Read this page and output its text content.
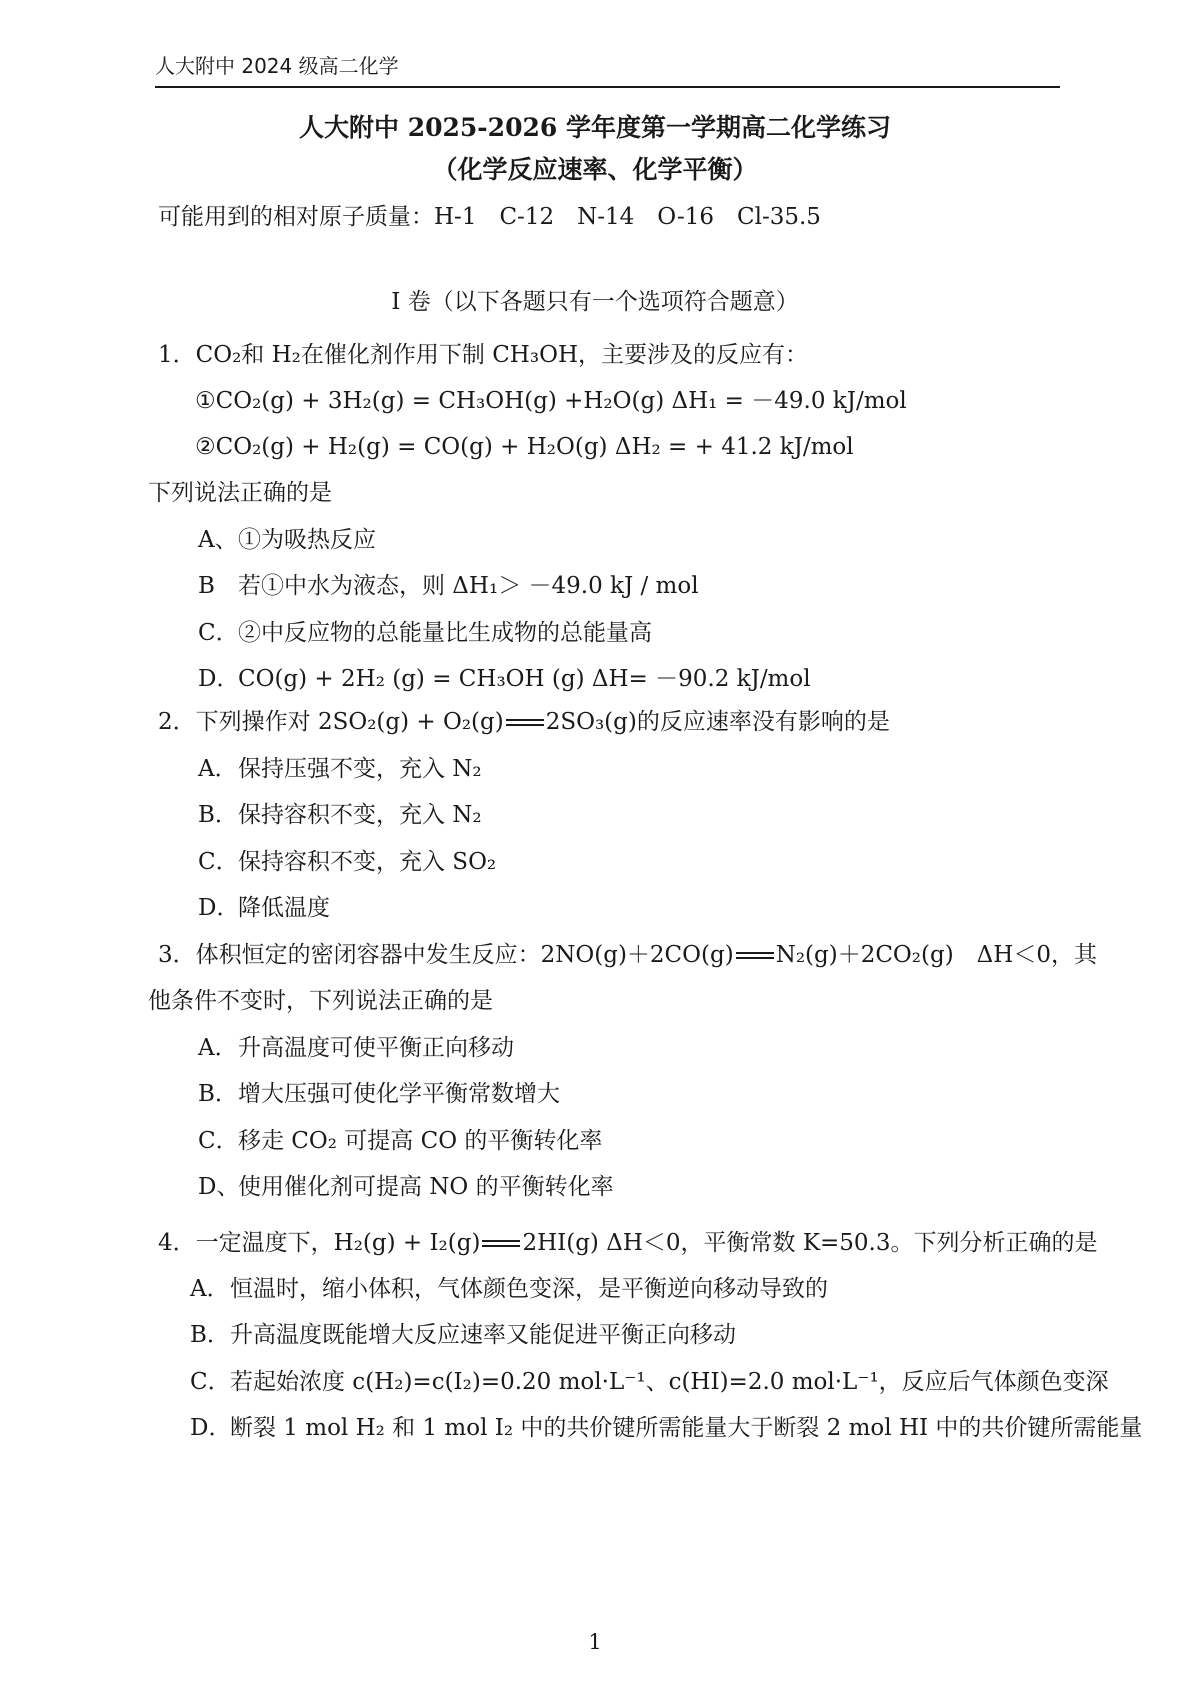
人大附中 2024 级高二化学
人大附中 2025-2026 学年度第一学期高二化学练习
（化学反应速率、化学平衡）
可能用到的相对原子质量：H-1　C-12　N-14　O-16　Cl-35.5
I 卷（以下各题只有一个选项符合题意）
1．CO₂和 H₂在催化剂作用下制 CH₃OH，主要涉及的反应有：
①CO₂(g) + 3H₂(g) = CH₃OH(g) +H₂O(g) ΔH₁ = －49.0 kJ/mol
②CO₂(g) + H₂(g) = CO(g) + H₂O(g) ΔH₂ = + 41.2 kJ/mol
下列说法正确的是
A、①为吸热反应
B 若①中水为液态，则 ΔH₁＞ －49.0 kJ / mol
C．②中反应物的总能量比生成物的总能量高
D．CO(g) + 2H₂ (g) = CH₃OH (g) ΔH= －90.2 kJ/mol
2．下列操作对 2SO₂(g) + O₂(g) 2SO₃(g)的反应速率没有影响的是
A．保持压强不变，充入 N₂
B．保持容积不变，充入 N₂
C．保持容积不变，充入 SO₂
D．降低温度
3．体积恒定的密闭容器中发生反应：2NO(g)＋2CO(g) N₂(g)＋2CO₂(g)　ΔH＜0，其
他条件不变时，下列说法正确的是
A．升高温度可使平衡正向移动
B．增大压强可使化学平衡常数增大
C．移走 CO₂ 可提高 CO 的平衡转化率
D、使用催化剂可提高 NO 的平衡转化率
4．一定温度下，H₂(g) + I₂(g) 2HI(g) ΔH＜0，平衡常数 K=50.3。下列分析正确的是
A．恒温时，缩小体积，气体颜色变深，是平衡逆向移动导致的
B．升高温度既能增大反应速率又能促进平衡正向移动
C．若起始浓度 c(H₂)=c(I₂)=0.20 mol·L⁻¹、c(HI)=2.0 mol·L⁻¹，反应后气体颜色变深
D．断裂 1 mol H₂ 和 1 mol I₂ 中的共价键所需能量大于断裂 2 mol HI 中的共价键所需能量
1
